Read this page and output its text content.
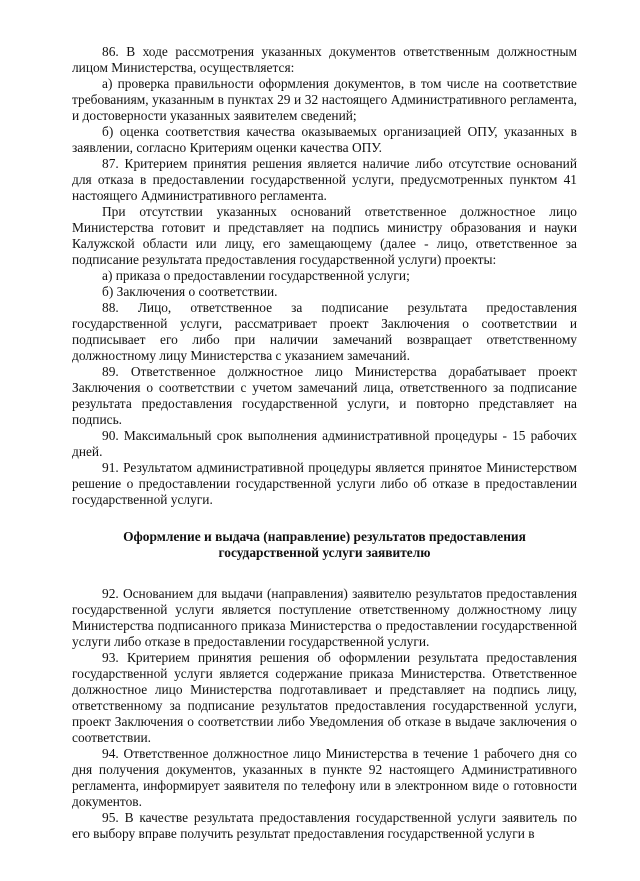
86. В ходе рассмотрения указанных документов ответственным должностным лицом Министерства, осуществляется:

а) проверка правильности оформления документов, в том числе на соответствие требованиям, указанным в пунктах 29 и 32 настоящего Административного регламента, и достоверности указанных заявителем сведений;

б) оценка соответствия качества оказываемых организацией ОПУ, указанных в заявлении, согласно Критериям оценки качества ОПУ.

87. Критерием принятия решения является наличие либо отсутствие оснований для отказа в предоставлении государственной услуги, предусмотренных пунктом 41 настоящего Административного регламента.

При отсутствии указанных оснований ответственное должностное лицо Министерства готовит и представляет на подпись министру образования и науки Калужской области или лицу, его замещающему (далее - лицо, ответственное за подписание результата предоставления государственной услуги) проекты:

а) приказа о предоставлении государственной услуги;

б) Заключения о соответствии.

88. Лицо, ответственное за подписание результата предоставления государственной услуги, рассматривает проект Заключения о соответствии и подписывает его либо при наличии замечаний возвращает ответственному должностному лицу Министерства с указанием замечаний.

89. Ответственное должностное лицо Министерства дорабатывает проект Заключения о соответствии с учетом замечаний лица, ответственного за подписание результата предоставления государственной услуги, и повторно представляет на подпись.

90. Максимальный срок выполнения административной процедуры - 15 рабочих дней.

91. Результатом административной процедуры является принятое Министерством решение о предоставлении государственной услуги либо об отказе в предоставлении государственной услуги.

Оформление и выдача (направление) результатов предоставления
государственной услуги заявителю

92. Основанием для выдачи (направления) заявителю результатов предоставления государственной услуги является поступление ответственному должностному лицу Министерства подписанного приказа Министерства о предоставлении государственной услуги либо отказе в предоставлении государственной услуги.

93. Критерием принятия решения об оформлении результата предоставления государственной услуги является содержание приказа Министерства. Ответственное должностное лицо Министерства подготавливает и представляет на подпись лицу, ответственному за подписание результатов предоставления государственной услуги, проект Заключения о соответствии либо Уведомления об отказе в выдаче заключения о соответствии.

94. Ответственное должностное лицо Министерства в течение 1 рабочего дня со дня получения документов, указанных в пункте 92 настоящего Административного регламента, информирует заявителя по телефону или в электронном виде о готовности документов.

95. В качестве результата предоставления государственной услуги заявитель по его выбору вправе получить результат предоставления государственной услуги в
